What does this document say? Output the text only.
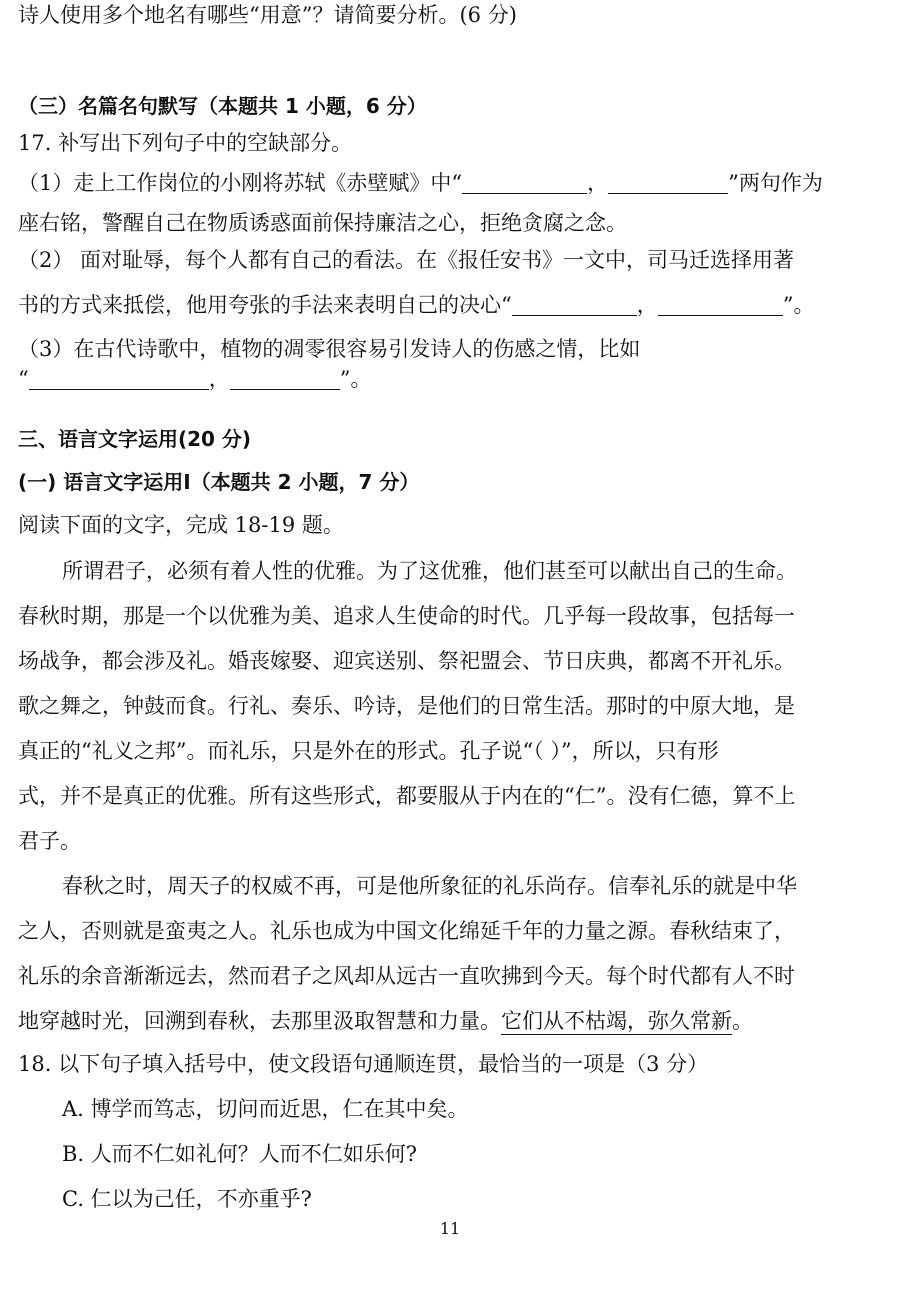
诗人使用多个地名有哪些“用意”？请简要分析。(6 分)
（三）名篇名句默写（本题共 1 小题，6 分）
17. 补写出下列句子中的空缺部分。
（1）走上工作岗位的小刚将苏轼《赤壁赋》中“	，	”两句作为
座右铭，警醒自己在物质诱惑面前保持廉洁之心，拒绝贪腐之念。
（2） 面对耻辱，每个人都有自己的看法。在《报任安书》一文中，司马迁选择用著
书的方式来抵偿，他用夸张的手法来表明自己的决心“	，	”。
（3）在古代诗歌中，植物的凋零很容易引发诗人的伤感之情，比如
“	，	”。
三、语言文字运用(20 分)
(一) 语言文字运用Ⅰ（本题共 2 小题，7 分）
阅读下面的文字，完成 18-19 题。
所谓君子，必须有着人性的优雅。为了这优雅，他们甚至可以献出自己的生命。
春秋时期，那是一个以优雅为美、追求人生使命的时代。几乎每一段故事，包括每一
场战争，都会涉及礼。婚丧嫁娶、迎宾送别、祭祀盟会、节日庆典，都离不开礼乐。
歌之舞之，钟鼓而食。行礼、奏乐、吟诗，是他们的日常生活。那时的中原大地，是
真正的“礼义之邦”。而礼乐，只是外在的形式。孔子说“（ ）”，所以，只有形
式，并不是真正的优雅。所有这些形式，都要服从于内在的“仁”。没有仁德，算不上
君子。
春秋之时，周天子的权威不再，可是他所象征的礼乐尚存。信奉礼乐的就是中华
之人，否则就是蛮夷之人。礼乐也成为中国文化绵延千年的力量之源。春秋结束了，
礼乐的余音渐渐远去，然而君子之风却从远古一直吹拂到今天。每个时代都有人不时
地穿越时光，回溯到春秋，去那里汲取智慧和力量。它们从不枯竭，弥久常新。
18. 以下句子填入括号中，使文段语句通顺连贯，最恰当的一项是（3 分）
A. 博学而笃志，切问而近思，仁在其中矣。
B. 人而不仁如礼何？人而不仁如乐何?
C. 仁以为己任，不亦重乎?
11
